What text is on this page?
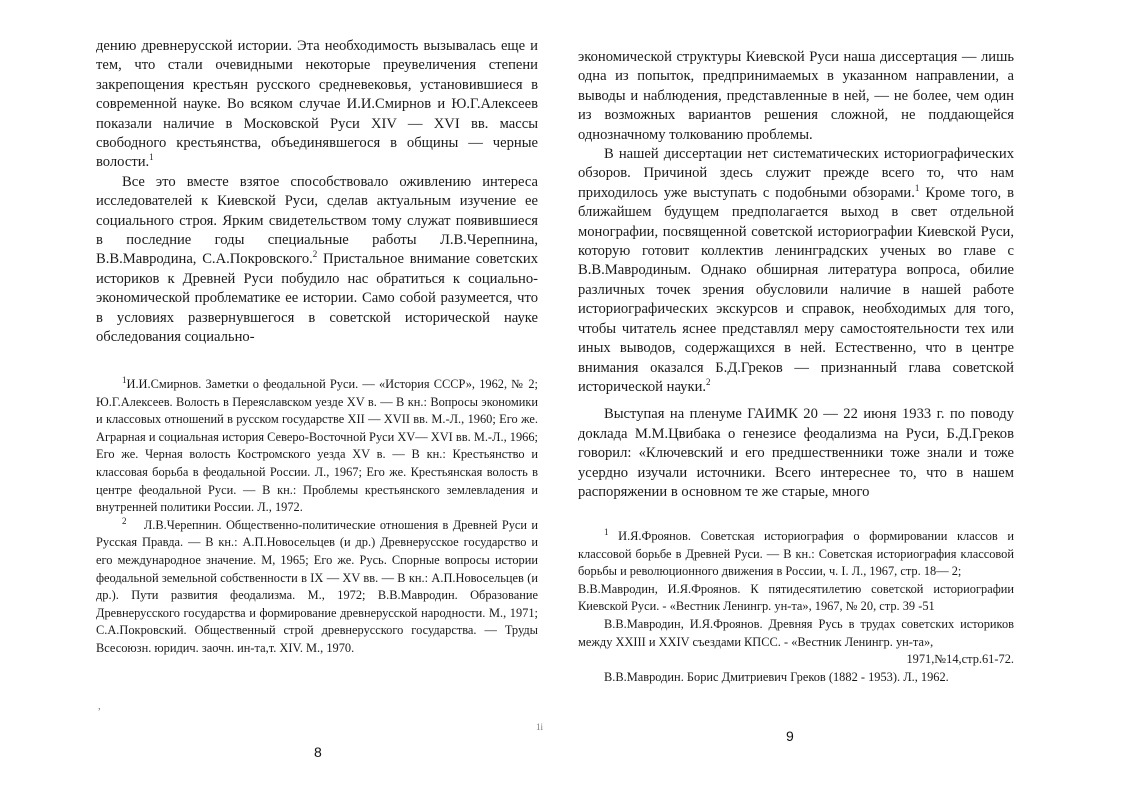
дению древнерусской истории. Эта необходимость вызывалась еще и тем, что стали очевидными некоторые преувеличения степени закрепощения крестьян русского средневековья, установившиеся в современной науке. Во всяком случае И.И.Смирнов и Ю.Г.Алексеев показали наличие в Московской Руси XIV — XVI вв. массы свободного крестьянства, объединявшегося в общины — черные волости.$^1$

Все это вместе взятое способствовало оживлению интереса исследователей к Киевской Руси, сделав актуальным изучение ее социального строя. Ярким свидетельством тому служат появившиеся в последние годы специальные работы Л.В.Черепнина, В.В.Мавродина, С.А.Покровского.$^2$ Пристальное внимание советских историков к Древней Руси побудило нас обратиться к социально-экономической проблематике ее истории. Само собой разумеется, что в условиях развернувшегося в советской исторической науке обследования социально-

$^1$И.И.Смирнов. Заметки о феодальной Руси. — «История СССР», 1962, № 2; Ю.Г.Алексеев. Волость в Переяславском уезде XV в. — В кн.: Вопросы экономики и классовых отношений в русском государстве XII — XVII вв. М.-Л., 1960; Его же. Аграрная и социальная история Северо-Восточной Руси XV— XVI вв. М.-Л., 1966; Его же. Черная волость Костромского уезда XV в. — В кн.: Крестьянство и классовая борьба в феодальной России. Л., 1967; Его же. Крестьянская волость в центре феодальной Руси. — В кн.: Проблемы крестьянского землевладения и внутренней политики России. Л., 1972.

$^2$ Л.В.Черепнин. Общественно-политические отношения в Древней Руси и Русская Правда. — В кн.: А.П.Новосельцев (и др.) Древнерусское государство и его международное значение. М, 1965; Его же. Русь. Спорные вопросы истории феодальной земельной собственности в IX — XV вв. — В кн.: А.П.Новосельцев (и др.). Пути развития феодализма. М., 1972; В.В.Мавродин. Образование Древнерусского государства и формирование древнерусской народности. М., 1971; С.А.Покровский. Общественный строй древнерусского государства. — Труды Всесоюзн. юридич. заочн. ин-та,т. XIV. М., 1970.

,
1i
8

экономической структуры Киевской Руси наша диссертация — лишь одна из попыток, предпринимаемых в указанном направлении, а выводы и наблюдения, представленные в ней, — не более, чем один из возможных вариантов решения сложной, не поддающейся однозначному толкованию проблемы.

В нашей диссертации нет систематических историографических обзоров. Причиной здесь служит прежде всего то, что нам приходилось уже выступать с подобными обзорами.$^1$ Кроме того, в ближайшем будущем предполагается выход в свет отдельной монографии, посвященной советской историографии Киевской Руси, которую готовит коллектив ленинградских ученых во главе с В.В.Мавродиным. Однако обширная литература вопроса, обилие различных точек зрения обусловили наличие в нашей работе историографических экскурсов и справок, необходимых для того, чтобы читатель яснее представлял меру самостоятельности тех или иных выводов, содержащихся в ней. Естественно, что в центре внимания оказался Б.Д.Греков — признанный глава советской исторической науки.$^2$

Выступая на пленуме ГАИМК 20 — 22 июня 1933 г. по поводу доклада М.М.Цвибака о генезисе феодализма на Руси, Б.Д.Греков говорил: «Ключевский и его предшественники тоже знали и тоже усердно изучали источники. Всего интереснее то, что в нашем распоряжении в основном те же старые, много

$^1$ И.Я.Фроянов. Советская историография о формировании классов и классовой борьбе в Древней Руси. — В кн.: Советская историография классовой борьбы и революционного движения в России, ч. I. Л., 1967, стр. 18— 2;

В.В.Мавродин, И.Я.Фроянов. К пятидесятилетию советской историографии Киевской Руси. - «Вестник Ленингр. ун-та», 1967, № 20, стр. 39 -51

В.В.Мавродин, И.Я.Фроянов. Древняя Русь в трудах советских историков между XXIII и XXIV съездами КПСС. - «Вестник Ленингр. ун-та»,

1971,№14,стр.61-72.

В.В.Мавродин. Борис Дмитриевич Греков (1882 - 1953). Л., 1962.

9
